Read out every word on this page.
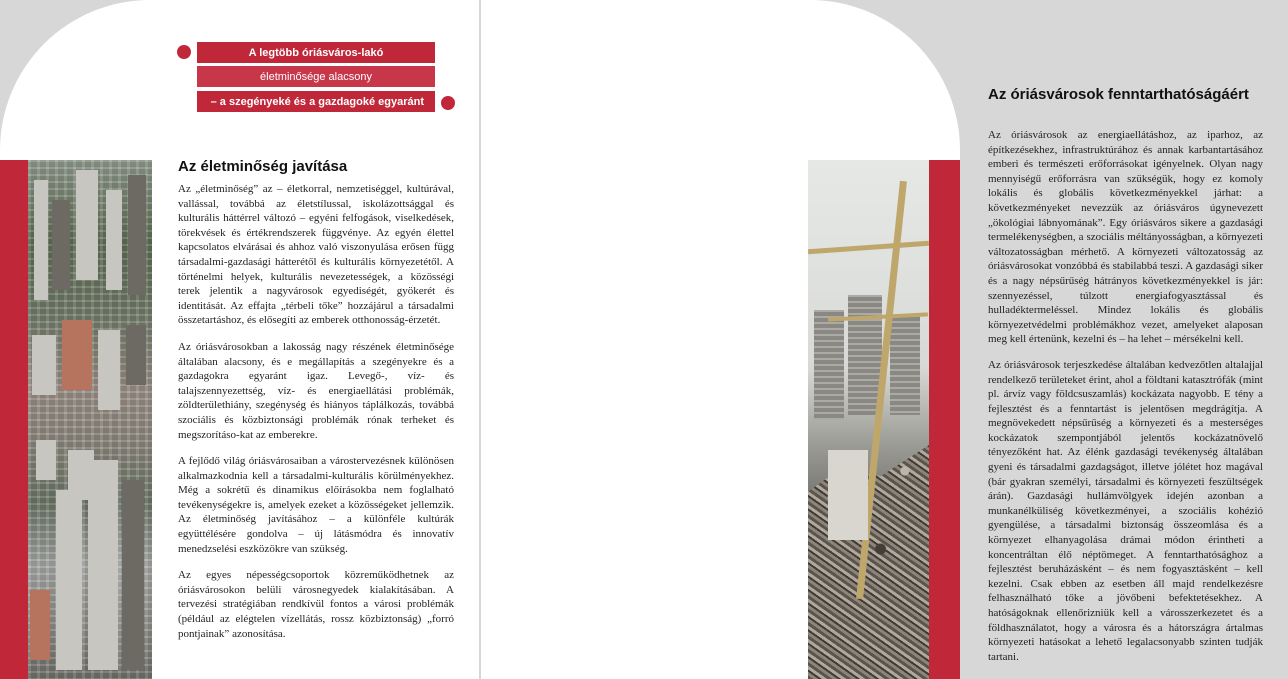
A legtöbb óriásváros-lakó
életminősége alacsony
– a szegényeké és a gazdagoké egyaránt
Az életminőség javítása

Az „életminőség” az – életkorral, nemzetiséggel, kultúrával, vallással, továbbá az életstílussal, iskolázottsággal és kulturális háttérrel változó – egyéni felfogások, viselkedések, törekvések és értékrendszerek függvénye. Az egyén élettel kapcsolatos elvárásai és ahhoz való viszonyulása erősen függ társadalmi-gazdasági hátterétől és kulturális környezetétől. A történelmi helyek, kulturális nevezetességek, a közösségi terek jelentik a nagyvárosok egyediségét, gyökerét és identitását. Az effajta „térbeli tőke” hozzájárul a társadalmi összetartáshoz, és elősegíti az emberek otthonosság-érzetét.

Az óriásvárosokban a lakosság nagy részének életminősége általában alacsony, és e megállapítás a szegényekre és a gazdagokra egyaránt igaz. Levegő-, víz- és talajszennyezettség, víz- és energiaellátási problémák, zöldterülethiány, szegénység és hiányos táplálkozás, továbbá szociális és közbiztonsági problémák rónak terheket és megszorításo-kat az emberekre.

A fejlődő világ óriásvárosaiban a várostervezésnek különösen alkalmazkodnia kell a társadalmi-kulturális körülményekhez. Még a sokrétű és dinamikus előírásokba nem foglalható tevékenységekre is, amelyek ezeket a közösségeket jellemzik. Az életminőség javításához – a különféle kultúrák együttélésére gondolva – új látásmódra és innovatív menedzselési eszközökre van szükség.

Az egyes népességcsoportok közreműködhetnek az óriásvárosokon belüli városnegyedek kialakításában. A tervezési stratégiában rendkívül fontos a városi problémák (például az elégtelen vízellátás, rossz közbiztonság) „forró pontjainak” azonosítása.

Az óriásvárosok fenntarthatóságáért

Az óriásvárosok az energiaellátáshoz, az iparhoz, az építkezésekhez, infrastruktúrához és annak karbantartásához emberi és természeti erőforrásokat igényelnek. Olyan nagy mennyiségű erőforrásra van szükségük, hogy ez komoly lokális és globális következményekkel járhat: a következményeket nevezzük az óriásváros úgynevezett „ökológiai lábnyomának”. Egy óriásváros sikere a gazdasági termelékenységben, a szociális méltányosságban, a környezeti változatosságban mérhető. A környezeti változatosság az óriásvárosokat vonzóbbá és stabilabbá teszi. A gazdasági siker és a nagy népsűrűség hátrányos következményekkel is jár: szennyezéssel, túlzott energiafogyasztással és hulladéktermeléssel. Mindez lokális és globális környezetvédelmi problémákhoz vezet, amelyeket alaposan meg kell értenünk, kezelni és – ha lehet – mérsékelni kell.

Az óriásvárosok terjeszkedése általában kedvezőtlen altalajjal rendelkező területeket érint, ahol a földtani katasztrófák (mint pl. árvíz vagy földcsuszamlás) kockázata nagyobb. E tény a fejlesztést és a fenntartást is jelentősen megdrágítja. A megnövekedett népsűrűség a környezeti és a mesterséges kockázatok szempontjából jelentős kockázatnövelő tényezőként hat. Az élénk gazdasági tevékenység általában gyeni és társadalmi gazdagságot, illetve jólétet hoz magával (bár gyakran személyi, társadalmi és környezeti feszültségek árán). Gazdasági hullámvölgyek idején azonban a munkanélküliség következményei, a szociális kohézió gyengülése, a társadalmi biztonság összeomlása és a környezet elhanyagolása drámai módon érintheti a koncentráltan élő néptömeget. A fenntarthatósághoz a fejlesztést beruházásként – és nem fogyasztásként – kell kezelni. Csak ebben az esetben áll majd rendelkezésre felhasználható tőke a jövőbeni befektetésekhez. A hatóságoknak ellenőrizniük kell a városszerkezetet és a földhasználatot, hogy a városra és a hátországra ártalmas környezeti hatásokat a lehető legalacsonyabb szinten tudják tartani.
